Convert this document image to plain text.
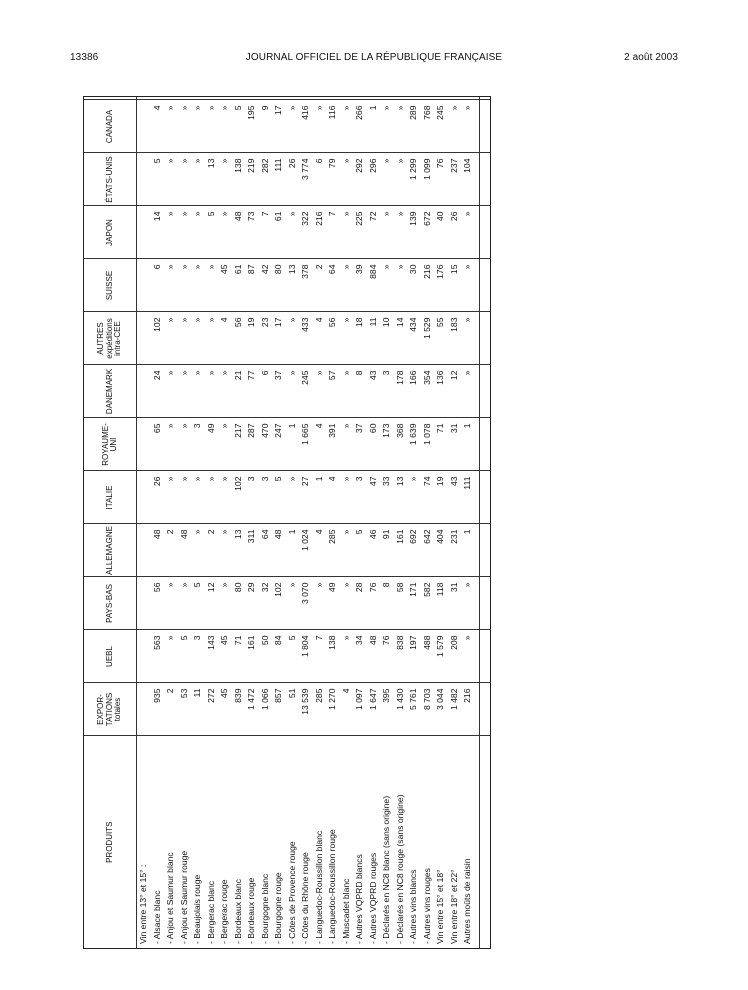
13386	JOURNAL OFFICIEL DE LA RÉPUBLIQUE FRANÇAISE	2 août 2003
PRODUITS	EXPOR-
TATIONS
totales	UEBL	PAYS-BAS	ALLEMAGNE	ITALIE	ROYAUME-
UNI	DANEMARK	AUTRES
expéditions
intra-CEE	SUISSE	JAPON	ÉTATS-UNIS	CANADA	
Vin entre 13° et 15° :													
- Alsace blanc	935	563	56	48	26	65	24	102	6	14	5	4	
- Anjou et Saumur blanc	2	»	»	2	»	»	»	»	»	»	»	»	
- Anjou et Saumur rouge	53	5	»	48	»	»	»	»	»	»	»	»	
- Beaujolais rouge	11	3	5	»	»	3	»	»	»	»	»	»	
- Bergerac blanc	272	143	12	2	»	49	»	»	»	5	13	»	
- Bergerac rouge	45	45	»	»	»	»	»	4	45	»	»	»	
- Bordeaux blanc	839	71	80	13	102	217	21	56	61	48	138	5	
- Bordeaux rouge	1 472	161	29	311	3	287	77	19	87	73	219	195	
- Bourgogne blanc	1 066	50	32	64	3	470	6	23	42	7	282	9	
- Bourgogne rouge	857	84	102	48	5	247	37	17	80	61	111	17	
- Côtes de Provence rouge	51	5	»	1	»	1	»	»	13	»	26	»	
- Côtes du Rhône rouge	13 539	1 804	3 070	1 024	27	1 665	245	433	378	322	3 774	416	
- Languedoc-Roussillon blanc	285	7	»	4	1	4	»	4	2	216	6	»	
- Languedoc-Roussillon rouge	1 270	138	49	285	4	391	57	56	64	7	79	116	
- Muscadet blanc	4	»	»	»	»	»	»	»	»	»	»	»	
- Autres VQPRD blancs	1 097	34	28	5	3	37	8	18	39	225	292	266	
- Autres VQPRD rouges	1 647	48	76	46	47	60	43	11	884	72	296	1	
- Déclarés en NC8 blanc (sans origine)	395	76	8	91	33	173	3	10	»	»	»	»	
- Déclarés en NC8 rouge (sans origine)	1 430	838	58	161	13	368	178	14	»	»	»	»	
- Autres vins blancs	5 761	197	171	692	»	1 639	166	434	30	139	1 299	289	
- Autres vins rouges	8 703	488	582	642	74	1 078	354	1 529	216	672	1 099	768	
Vin entre 15° et 18°	3 044	1 579	118	404	19	71	136	55	176	40	76	245	
Vin entre 18° et 22°	1 482	208	31	231	43	31	12	183	15	26	237	»	
Autres moûts de raisin	216	»	»	1	111	1	»	»	»	»	104	»	
